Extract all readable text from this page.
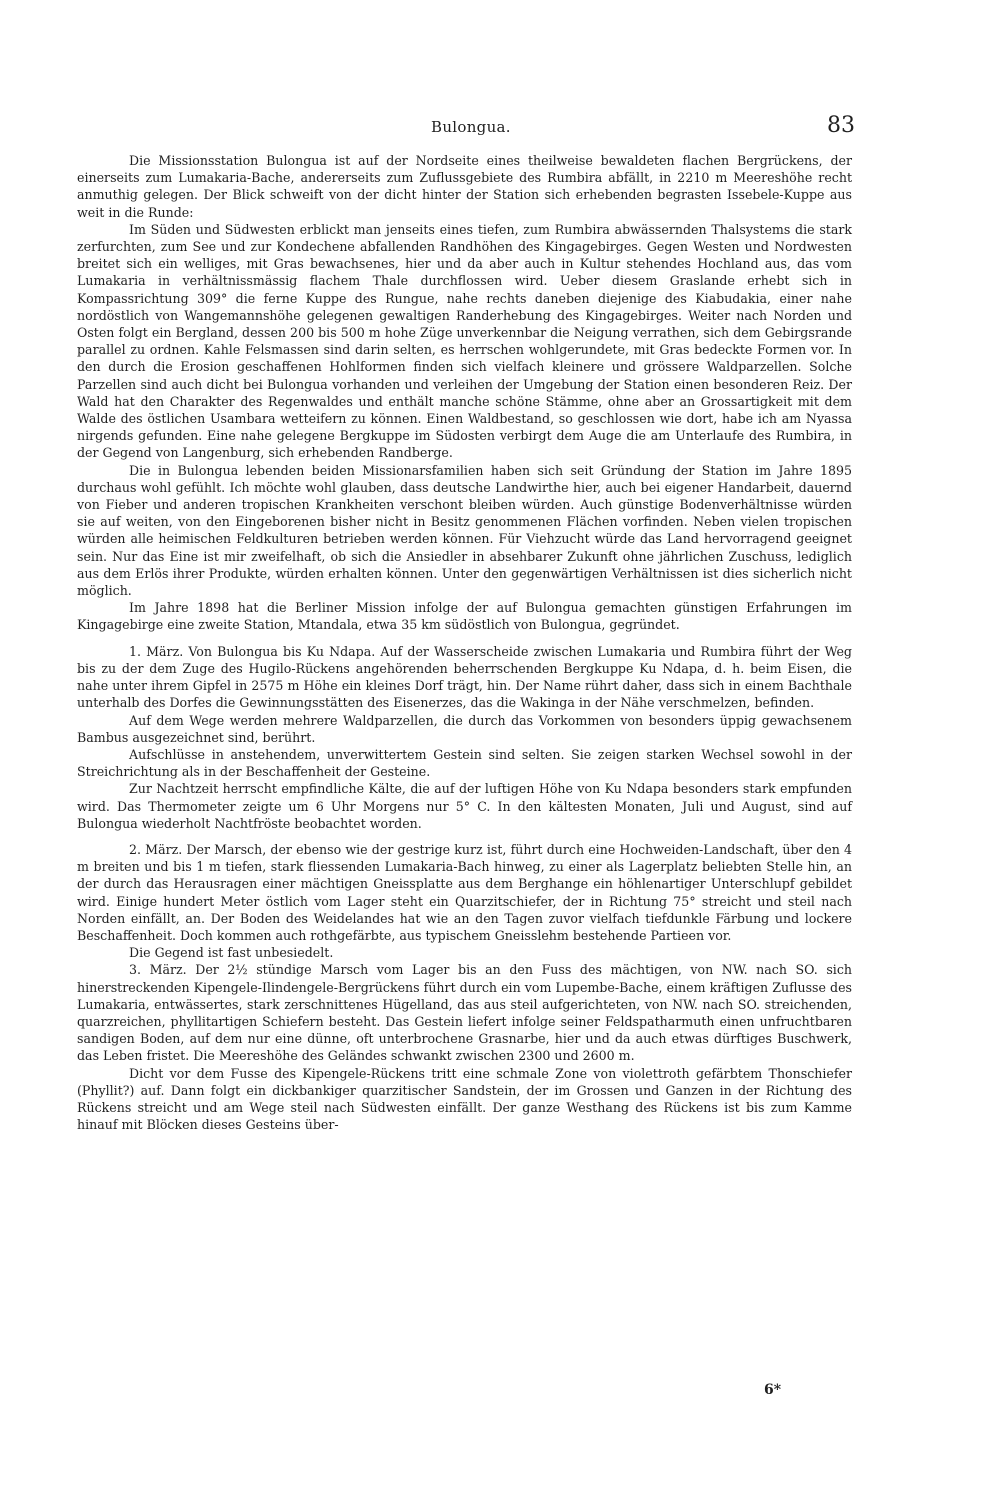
Bulongua.	83

Die Missionsstation Bulongua ist auf der Nordseite eines theilweise bewaldeten flachen Bergrückens, der einerseits zum Lumakaria-Bache, andererseits zum Zuflussgebiete des Rumbira abfällt, in 2210 m Meereshöhe recht anmuthig gelegen. Der Blick schweift von der dicht hinter der Station sich erhebenden begrasten Issebele-Kuppe aus weit in die Runde:

Im Süden und Südwesten erblickt man jenseits eines tiefen, zum Rumbira abwässernden Thalsystems die stark zerfurchten, zum See und zur Kondechene abfallenden Randhöhen des Kingagebirges. Gegen Westen und Nordwesten breitet sich ein welliges, mit Gras bewachsenes, hier und da aber auch in Kultur stehendes Hochland aus, das vom Lumakaria in verhältnissmässig flachem Thale durchflossen wird. Ueber diesem Graslande erhebt sich in Kompassrichtung 309° die ferne Kuppe des Rungue, nahe rechts daneben diejenige des Kiabudakia, einer nahe nordöstlich von Wangemannshöhe gelegenen gewaltigen Randerhebung des Kingagebirges. Weiter nach Norden und Osten folgt ein Bergland, dessen 200 bis 500 m hohe Züge unverkennbar die Neigung verrathen, sich dem Gebirgsrande parallel zu ordnen. Kahle Felsmassen sind darin selten, es herrschen wohlgerundete, mit Gras bedeckte Formen vor. In den durch die Erosion geschaffenen Hohlformen finden sich vielfach kleinere und grössere Waldparzellen. Solche Parzellen sind auch dicht bei Bulongua vorhanden und verleihen der Umgebung der Station einen besonderen Reiz. Der Wald hat den Charakter des Regenwaldes und enthält manche schöne Stämme, ohne aber an Grossartigkeit mit dem Walde des östlichen Usambara wetteifern zu können. Einen Waldbestand, so geschlossen wie dort, habe ich am Nyassa nirgends gefunden. Eine nahe gelegene Bergkuppe im Südosten verbirgt dem Auge die am Unterlaufe des Rumbira, in der Gegend von Langenburg, sich erhebenden Randberge.

Die in Bulongua lebenden beiden Missionarsfamilien haben sich seit Gründung der Station im Jahre 1895 durchaus wohl gefühlt. Ich möchte wohl glauben, dass deutsche Landwirthe hier, auch bei eigener Handarbeit, dauernd von Fieber und anderen tropischen Krankheiten verschont bleiben würden. Auch günstige Bodenverhältnisse würden sie auf weiten, von den Eingeborenen bisher nicht in Besitz genommenen Flächen vorfinden. Neben vielen tropischen würden alle heimischen Feldkulturen betrieben werden können. Für Viehzucht würde das Land hervorragend geeignet sein. Nur das Eine ist mir zweifelhaft, ob sich die Ansiedler in absehbarer Zukunft ohne jährlichen Zuschuss, lediglich aus dem Erlös ihrer Produkte, würden erhalten können. Unter den gegenwärtigen Verhältnissen ist dies sicherlich nicht möglich.

Im Jahre 1898 hat die Berliner Mission infolge der auf Bulongua gemachten günstigen Erfahrungen im Kingagebirge eine zweite Station, Mtandala, etwa 35 km südöstlich von Bulongua, gegründet.

1. März. Von Bulongua bis Ku Ndapa. Auf der Wasserscheide zwischen Lumakaria und Rumbira führt der Weg bis zu der dem Zuge des Hugilo-Rückens angehörenden beherrschenden Bergkuppe Ku Ndapa, d. h. beim Eisen, die nahe unter ihrem Gipfel in 2575 m Höhe ein kleines Dorf trägt, hin. Der Name rührt daher, dass sich in einem Bachthale unterhalb des Dorfes die Gewinnungsstätten des Eisenerzes, das die Wakinga in der Nähe verschmelzen, befinden.

Auf dem Wege werden mehrere Waldparzellen, die durch das Vorkommen von besonders üppig gewachsenem Bambus ausgezeichnet sind, berührt.

Aufschlüsse in anstehendem, unverwittertem Gestein sind selten. Sie zeigen starken Wechsel sowohl in der Streichrichtung als in der Beschaffenheit der Gesteine.

Zur Nachtzeit herrscht empfindliche Kälte, die auf der luftigen Höhe von Ku Ndapa besonders stark empfunden wird. Das Thermometer zeigte um 6 Uhr Morgens nur 5° C. In den kältesten Monaten, Juli und August, sind auf Bulongua wiederholt Nachtfröste beobachtet worden.

2. März. Der Marsch, der ebenso wie der gestrige kurz ist, führt durch eine Hochweiden-Landschaft, über den 4 m breiten und bis 1 m tiefen, stark fliessenden Lumakaria-Bach hinweg, zu einer als Lagerplatz beliebten Stelle hin, an der durch das Herausragen einer mächtigen Gneissplatte aus dem Berghange ein höhlenartiger Unterschlupf gebildet wird. Einige hundert Meter östlich vom Lager steht ein Quarzitschiefer, der in Richtung 75° streicht und steil nach Norden einfällt, an. Der Boden des Weidelandes hat wie an den Tagen zuvor vielfach tiefdunkle Färbung und lockere Beschaffenheit. Doch kommen auch rothgefärbte, aus typischem Gneisslehm bestehende Partieen vor.

Die Gegend ist fast unbesiedelt.

3. März. Der 2½ stündige Marsch vom Lager bis an den Fuss des mächtigen, von NW. nach SO. sich hinerstreckenden Kipengele-Ilindengele-Bergrückens führt durch ein vom Lupembe-Bache, einem kräftigen Zuflusse des Lumakaria, entwässertes, stark zerschnittenes Hügelland, das aus steil aufgerichteten, von NW. nach SO. streichenden, quarzreichen, phyllitartigen Schiefern besteht. Das Gestein liefert infolge seiner Feldspatharmuth einen unfruchtbaren sandigen Boden, auf dem nur eine dünne, oft unterbrochene Grasnarbe, hier und da auch etwas dürftiges Buschwerk, das Leben fristet. Die Meereshöhe des Geländes schwankt zwischen 2300 und 2600 m.

Dicht vor dem Fusse des Kipengele-Rückens tritt eine schmale Zone von violettroth gefärbtem Thonschiefer (Phyllit?) auf. Dann folgt ein dickbankiger quarzitischer Sandstein, der im Grossen und Ganzen in der Richtung des Rückens streicht und am Wege steil nach Südwesten einfällt. Der ganze Westhang des Rückens ist bis zum Kamme hinauf mit Blöcken dieses Gesteins über-

6*
